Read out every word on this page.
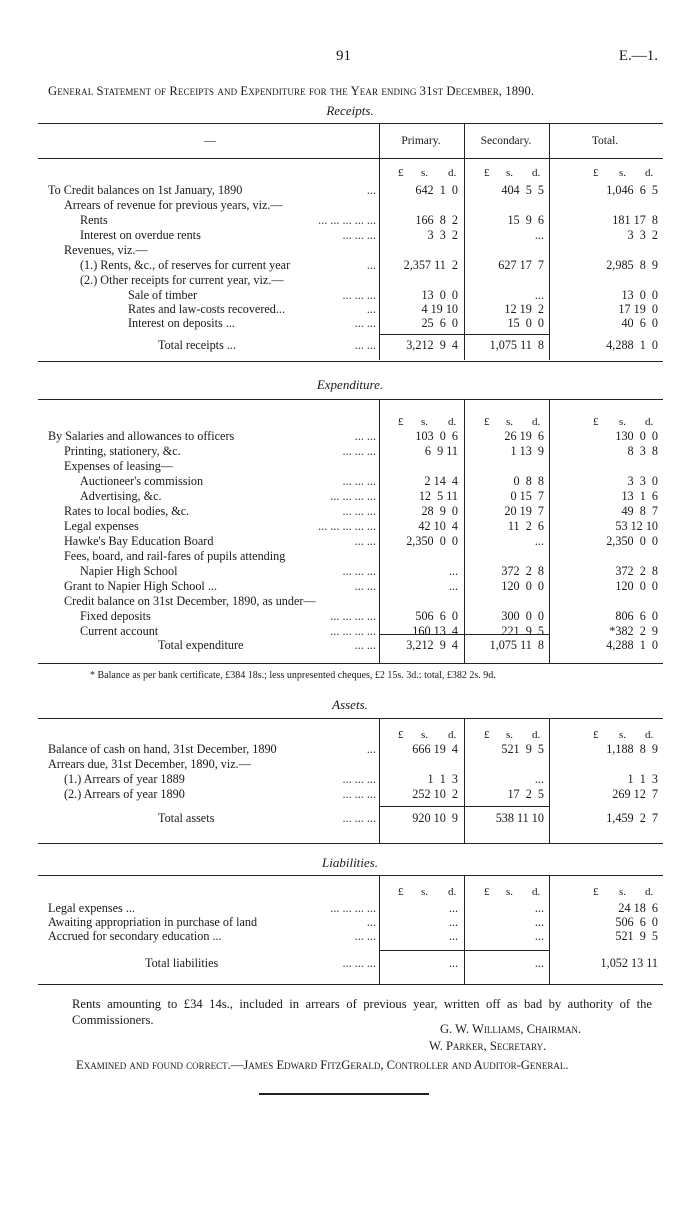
91	E.—1.
General Statement of Receipts and Expenditure for the Year ending 31st December, 1890.
Receipts.
—	Primary.	Secondary.	Total.
Expenditure.
* Balance as per bank certificate, £384 18s.; less unpresented cheques, £2 15s. 3d.: total, £382 2s. 9d.
Assets.
Liabilities.
£ s. d.	£ s. d.	£ s. d.
£ s. d.	£ s. d.	£ s. d.
£ s. d.	£ s. d.	£ s. d.
£ s. d.	£ s. d.	£ s. d.
To Credit balances on 1st January, 1890	...	642  1  0	404  5  5	1,046  6  5
Arrears of revenue for previous years, viz.—
Rents	... ... ... ... ...	166  8  2	15  9  6	181 17  8
Interest on overdue rents	... ... ...	3  3  2	...	3  3  2
Revenues, viz.—
(1.) Rents, &c., of reserves for current year	...	2,357 11  2	627 17  7	2,985  8  9
(2.) Other receipts for current year, viz.—
Sale of timber	... ... ...	13  0  0	...	13  0  0
Rates and law-costs recovered...	...	4 19 10	12 19  2	17 19  0
Interest on deposits ...	... ...	25  6  0	15  0  0	40  6  0
Total receipts ...	... ...	3,212  9  4	1,075 11  8	4,288  1  0
By Salaries and allowances to officers	... ...	103  0  6	26 19  6	130  0  0
Printing, stationery, &c.	... ... ...	6  9 11	1 13  9	8  3  8
Expenses of leasing—
Auctioneer's commission	... ... ...	2 14  4	0  8  8	3  3  0
Advertising, &c.	... ... ... ...	12  5 11	0 15  7	13  1  6
Rates to local bodies, &c.	... ... ...	28  9  0	20 19  7	49  8  7
Legal expenses	... ... ... ... ...	42 10  4	11  2  6	53 12 10
Hawke's Bay Education Board	... ...	2,350  0  0	...	2,350  0  0
Fees, board, and rail-fares of pupils attending
Napier High School	... ... ...	...	372  2  8	372  2  8
Grant to Napier High School ...	... ...	...	120  0  0	120  0  0
Credit balance on 31st December, 1890, as under—
Fixed deposits	... ... ... ...	506  6  0	300  0  0	806  6  0
Current account	... ... ... ...	160 13  4	221  9  5	*382  2  9
Total expenditure	... ...	3,212  9  4	1,075 11  8	4,288  1  0
Balance of cash on hand, 31st December, 1890	...	666 19  4	521  9  5	1,188  8  9
Arrears due, 31st December, 1890, viz.—
(1.) Arrears of year 1889	... ... ...	1  1  3	...	1  1  3
(2.) Arrears of year 1890	... ... ...	252 10  2	17  2  5	269 12  7
Total assets	... ... ...	920 10  9	538 11 10	1,459  2  7
Legal expenses ...	... ... ... ...	...	...	24 18  6
Awaiting appropriation in purchase of land	...	...	...	506  6  0
Accrued for secondary education ...	... ...	...	...	521  9  5
Total liabilities	... ... ...	...	...	1,052 13 11
Rents amounting to £34 14s., included in arrears of previous year, written off as bad by authority of the Commissioners.
G. W. Williams, Chairman.
W. Parker, Secretary.
Examined and found correct.—James Edward FitzGerald, Controller and Auditor-General.
